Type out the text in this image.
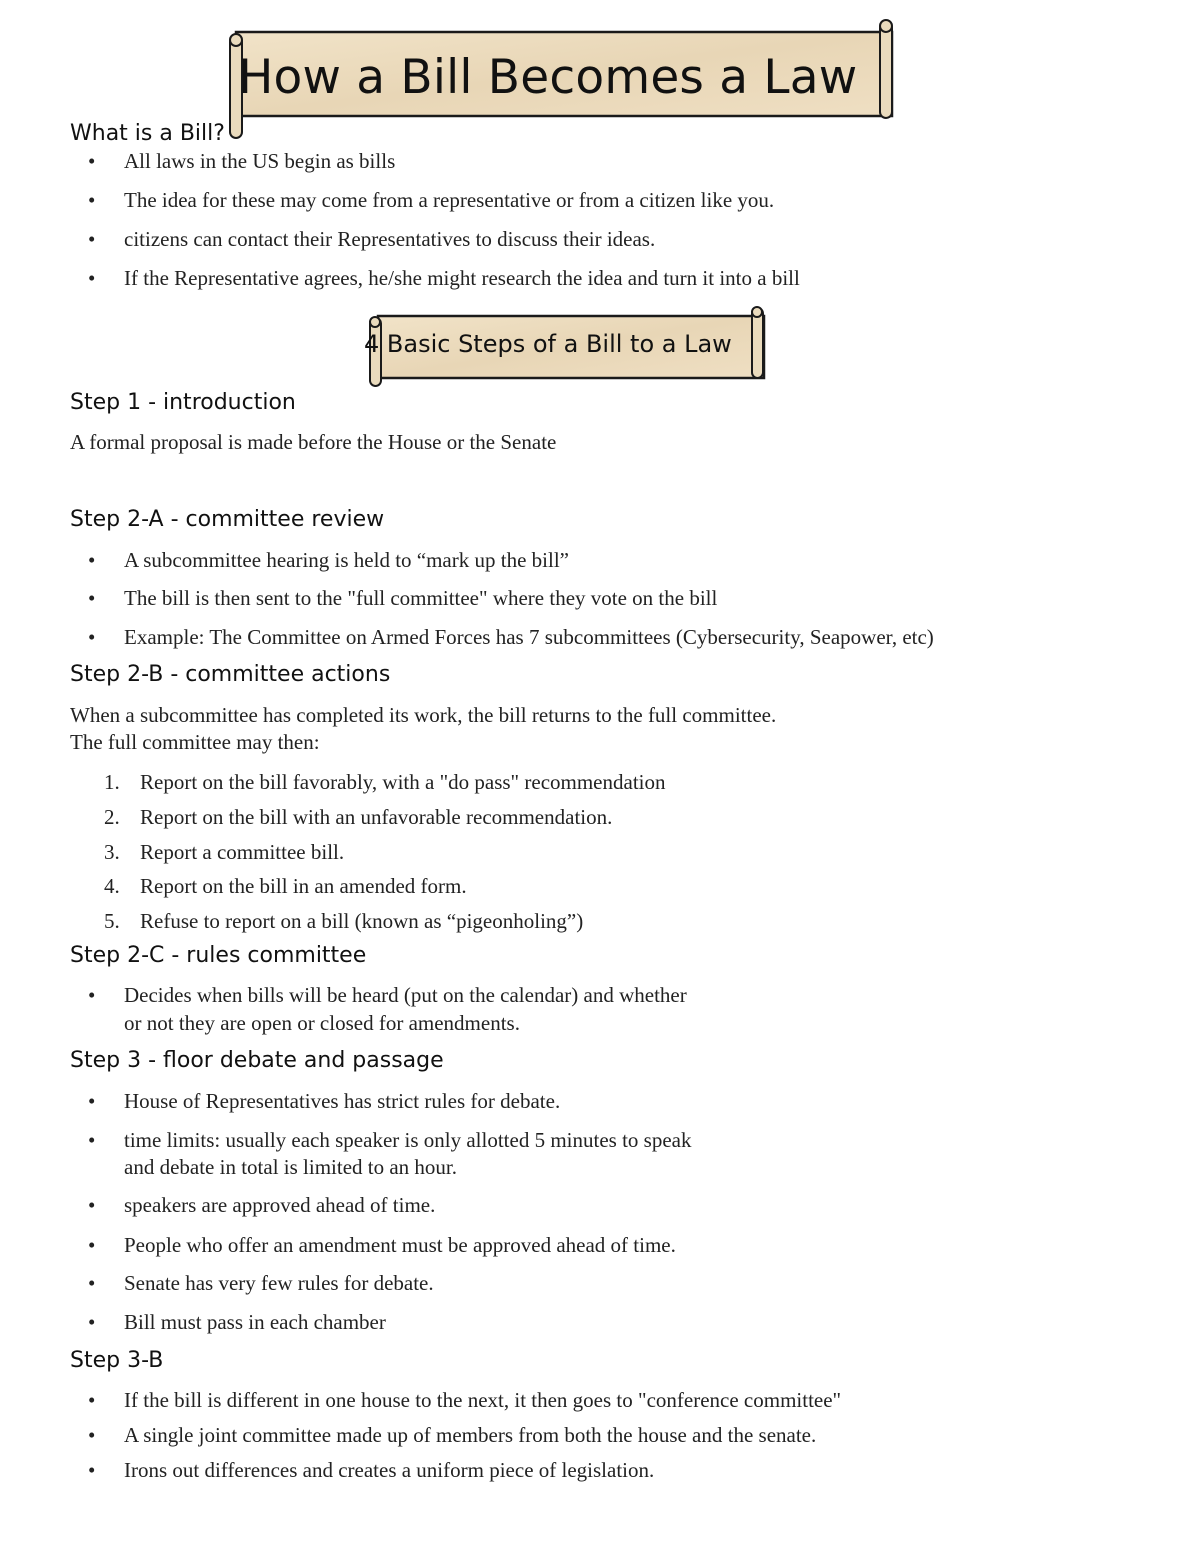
How a Bill Becomes a Law
What is a Bill?
•	All laws in the US begin as bills
•	The idea for these may come from a representative or from a citizen like you.
•	citizens can contact their Representatives to discuss their ideas.
•	If the Representative agrees, he/she might research the idea and turn it into a bill
4 Basic Steps of a Bill to a Law
Step 1 - introduction
A formal proposal is made before the House or the Senate
Step 2-A - committee review
•	A subcommittee hearing is held to “mark up the bill”
•	The bill is then sent to the "full committee" where they vote on the bill
•	Example: The Committee on Armed Forces has 7 subcommittees (Cybersecurity, Seapower, etc)
Step 2-B - committee actions
When a subcommittee has completed its work, the bill returns to the full committee.
The full committee may then:
1. Report on the bill favorably, with a "do pass" recommendation
2. Report on the bill with an unfavorable recommendation.
3. Report a committee bill.
4. Report on the bill in an amended form.
5. Refuse to report on a bill (known as “pigeonholing”)
Step 2-C - rules committee
•	Decides when bills will be heard (put on the calendar) and whether
or not they are open or closed for amendments.
Step 3 - floor debate and passage
•	House of Representatives has strict rules for debate.
•	time limits: usually each speaker is only allotted 5 minutes to speak
and debate in total is limited to an hour.
•	speakers are approved ahead of time.
•	People who offer an amendment must be approved ahead of time.
•	Senate has very few rules for debate.
•	Bill must pass in each chamber
Step 3-B
•	If the bill is different in one house to the next, it then goes to "conference committee"
•	A single joint committee made up of members from both the house and the senate.
•	Irons out differences and creates a uniform piece of legislation.
